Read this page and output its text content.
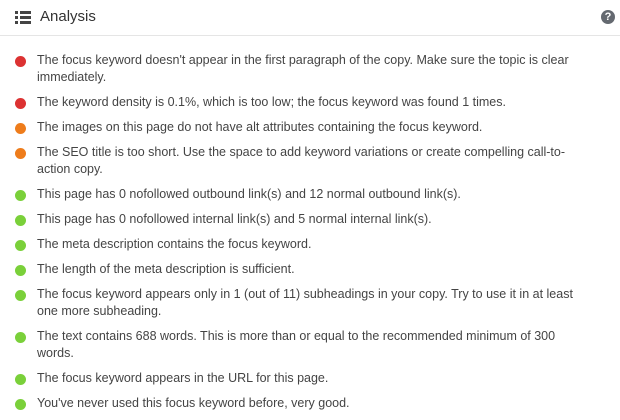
Analysis	?
The focus keyword doesn't appear in the first paragraph of the copy. Make sure the topic is clear immediately.
The keyword density is 0.1%, which is too low; the focus keyword was found 1 times.
The images on this page do not have alt attributes containing the focus keyword.
The SEO title is too short. Use the space to add keyword variations or create compelling call-to-action copy.
This page has 0 nofollowed outbound link(s) and 12 normal outbound link(s).
This page has 0 nofollowed internal link(s) and 5 normal internal link(s).
The meta description contains the focus keyword.
The length of the meta description is sufficient.
The focus keyword appears only in 1 (out of 11) subheadings in your copy. Try to use it in at least one more subheading.
The text contains 688 words. This is more than or equal to the recommended minimum of 300 words.
The focus keyword appears in the URL for this page.
You've never used this focus keyword before, very good.
